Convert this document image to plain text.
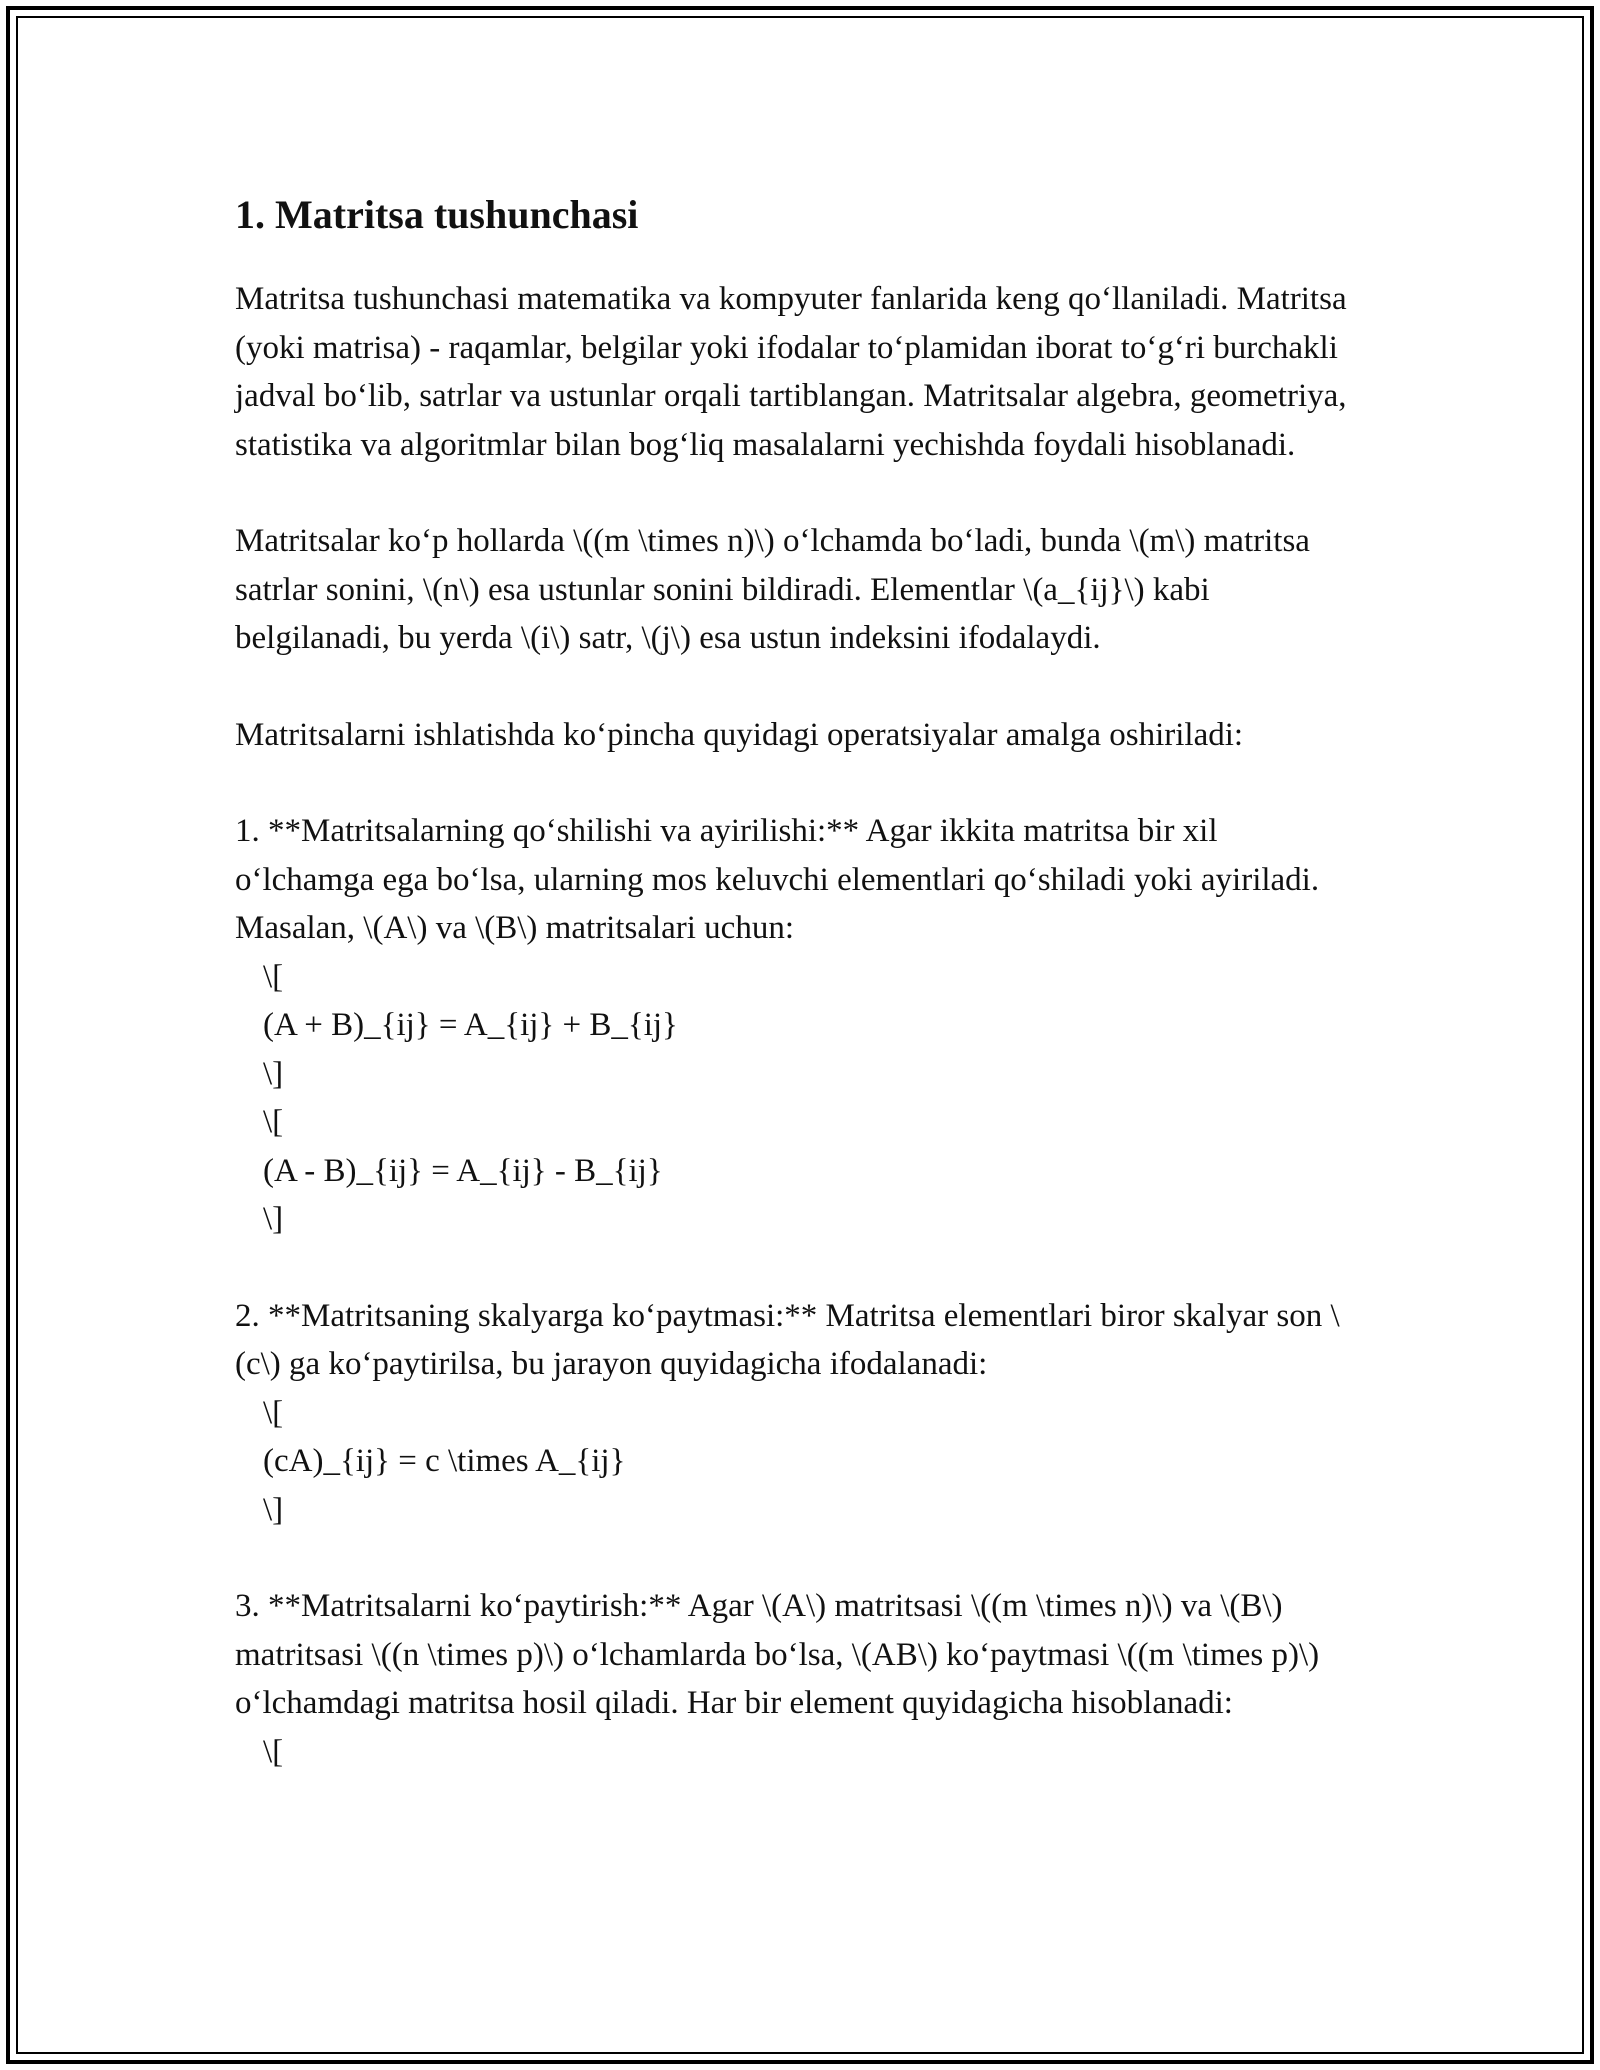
1. Matritsa tushunchasi

Matritsa tushunchasi matematika va kompyuter fanlarida keng qo‘llaniladi. Matritsa (yoki matrisa) - raqamlar, belgilar yoki ifodalar to‘plamidan iborat to‘g‘ri burchakli jadval bo‘lib, satrlar va ustunlar orqali tartiblangan. Matritsalar algebra, geometriya, statistika va algoritmlar bilan bog‘liq masalalarni yechishda foydali hisoblanadi.

Matritsalar ko‘p hollarda \((m \times n)\) o‘lchamda bo‘ladi, bunda \(m\) matritsa satrlar sonini, \(n\) esa ustunlar sonini bildiradi. Elementlar \(a_{ij}\) kabi belgilanadi, bu yerda \(i\) satr, \(j\) esa ustun indeksini ifodalaydi.

Matritsalarni ishlatishda ko‘pincha quyidagi operatsiyalar amalga oshiriladi:

1. **Matritsalarning qo‘shilishi va ayirilishi:** Agar ikkita matritsa bir xil o‘lchamga ega bo‘lsa, ularning mos keluvchi elementlari qo‘shiladi yoki ayiriladi. Masalan, \(A\) va \(B\) matritsalari uchun:

\[

(A + B)_{ij} = A_{ij} + B_{ij}

\]

\[

(A - B)_{ij} = A_{ij} - B_{ij}

\]

2. **Matritsaning skalyarga ko‘paytmasi:** Matritsa elementlari biror skalyar son \(c\) ga ko‘paytirilsa, bu jarayon quyidagicha ifodalanadi:

\[

(cA)_{ij} = c \times A_{ij}

\]

3. **Matritsalarni ko‘paytirish:** Agar \(A\) matritsasi \((m \times n)\) va \(B\) matritsasi \((n \times p)\) o‘lchamlarda bo‘lsa, \(AB\) ko‘paytmasi \((m \times p)\) o‘lchamdagi matritsa hosil qiladi. Har bir element quyidagicha hisoblanadi:

\[
